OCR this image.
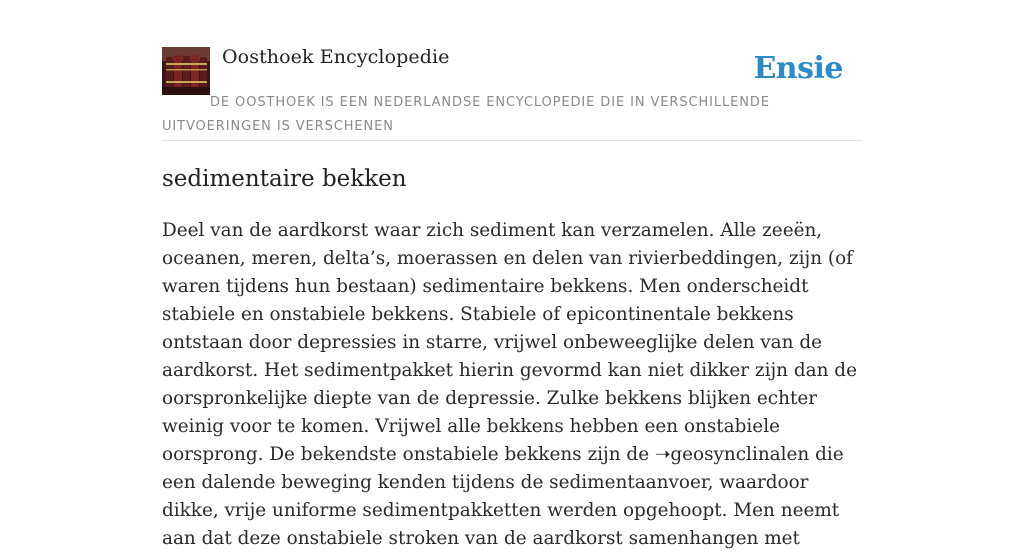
Oosthoek Encyclopedie	Ensie
DE OOSTHOEK IS EEN NEDERLANDSE ENCYCLOPEDIE DIE IN VERSCHILLENDE UITVOERINGEN IS VERSCHENEN
sedimentaire bekken

Deel van de aardkorst waar zich sediment kan verzamelen. Alle zeeën, oceanen, meren, delta’s, moerassen en delen van rivierbeddingen, zijn (of waren tijdens hun bestaan) sedimentaire bekkens. Men onderscheidt stabiele en onstabiele bekkens. Stabiele of epicontinentale bekkens ontstaan door depressies in starre, vrijwel onbeweeglijke delen van de aardkorst. Het sedimentpakket hierin gevormd kan niet dikker zijn dan de oorspronkelijke diepte van de depressie. Zulke bekkens blijken echter weinig voor te komen. Vrijwel alle bekkens hebben een onstabiele oorsprong. De bekendste onstabiele bekkens zijn de ➝geosynclinalen die een dalende beweging kenden tijdens de sedimentaanvoer, waardoor dikke, vrije uniforme sedimentpakketten werden opgehoopt. Men neemt aan dat deze onstabiele stroken van de aardkorst samenhangen met
